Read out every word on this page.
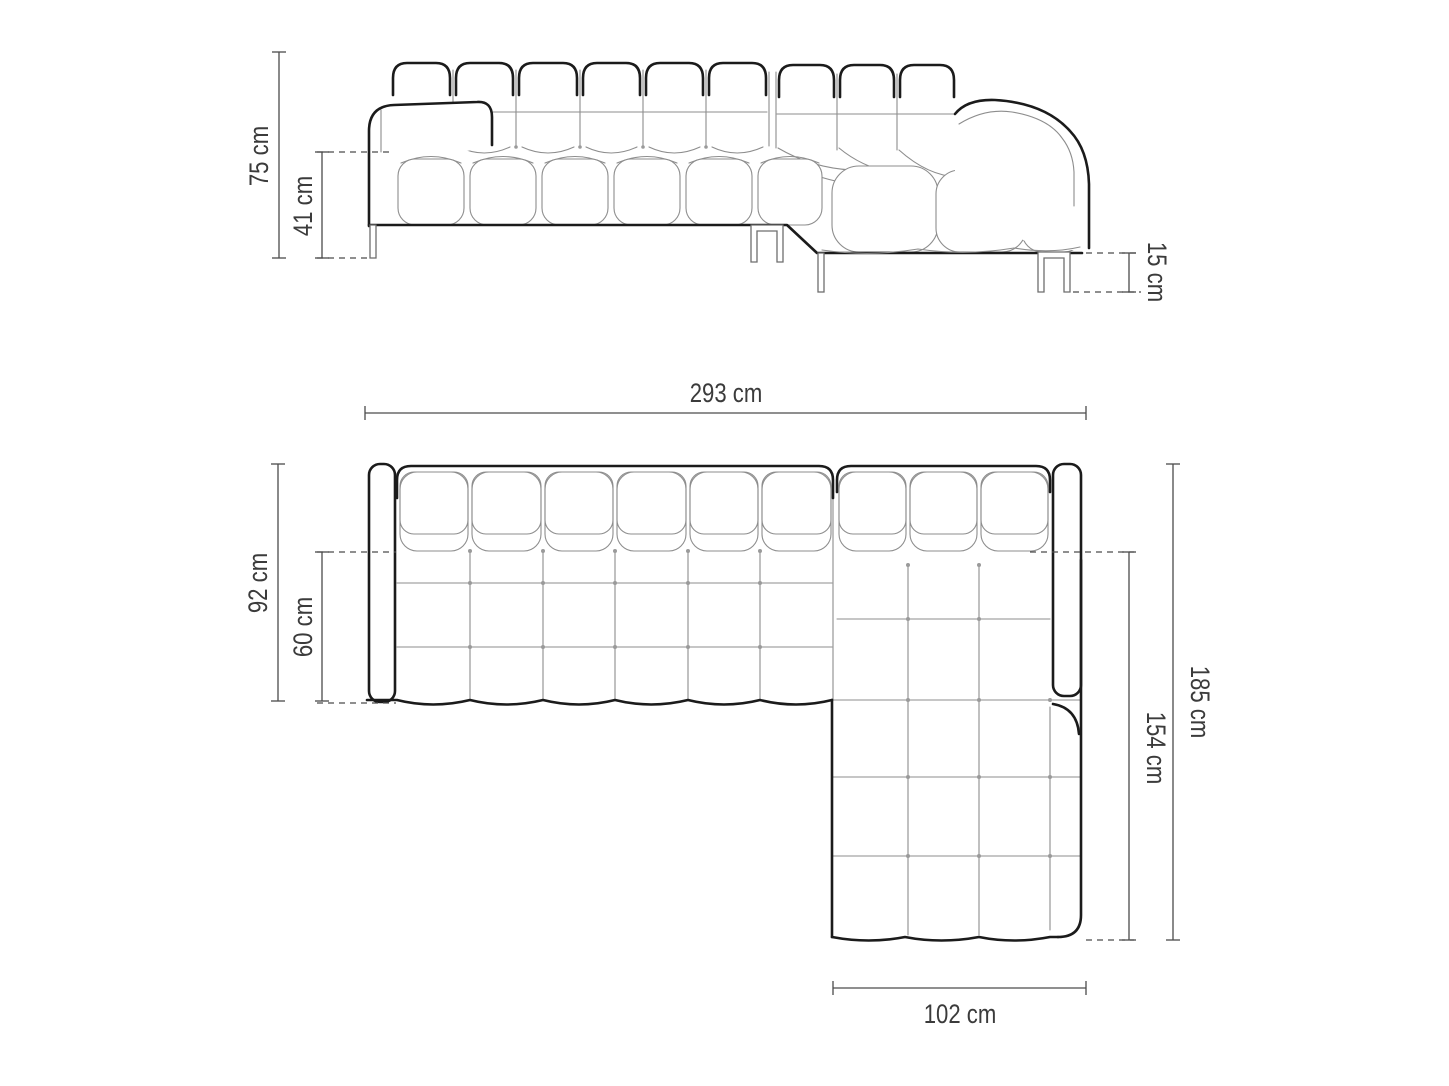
75 cm
41 cm
15 cm
293 cm
92 cm
60 cm
185 cm
154 cm
102 cm
